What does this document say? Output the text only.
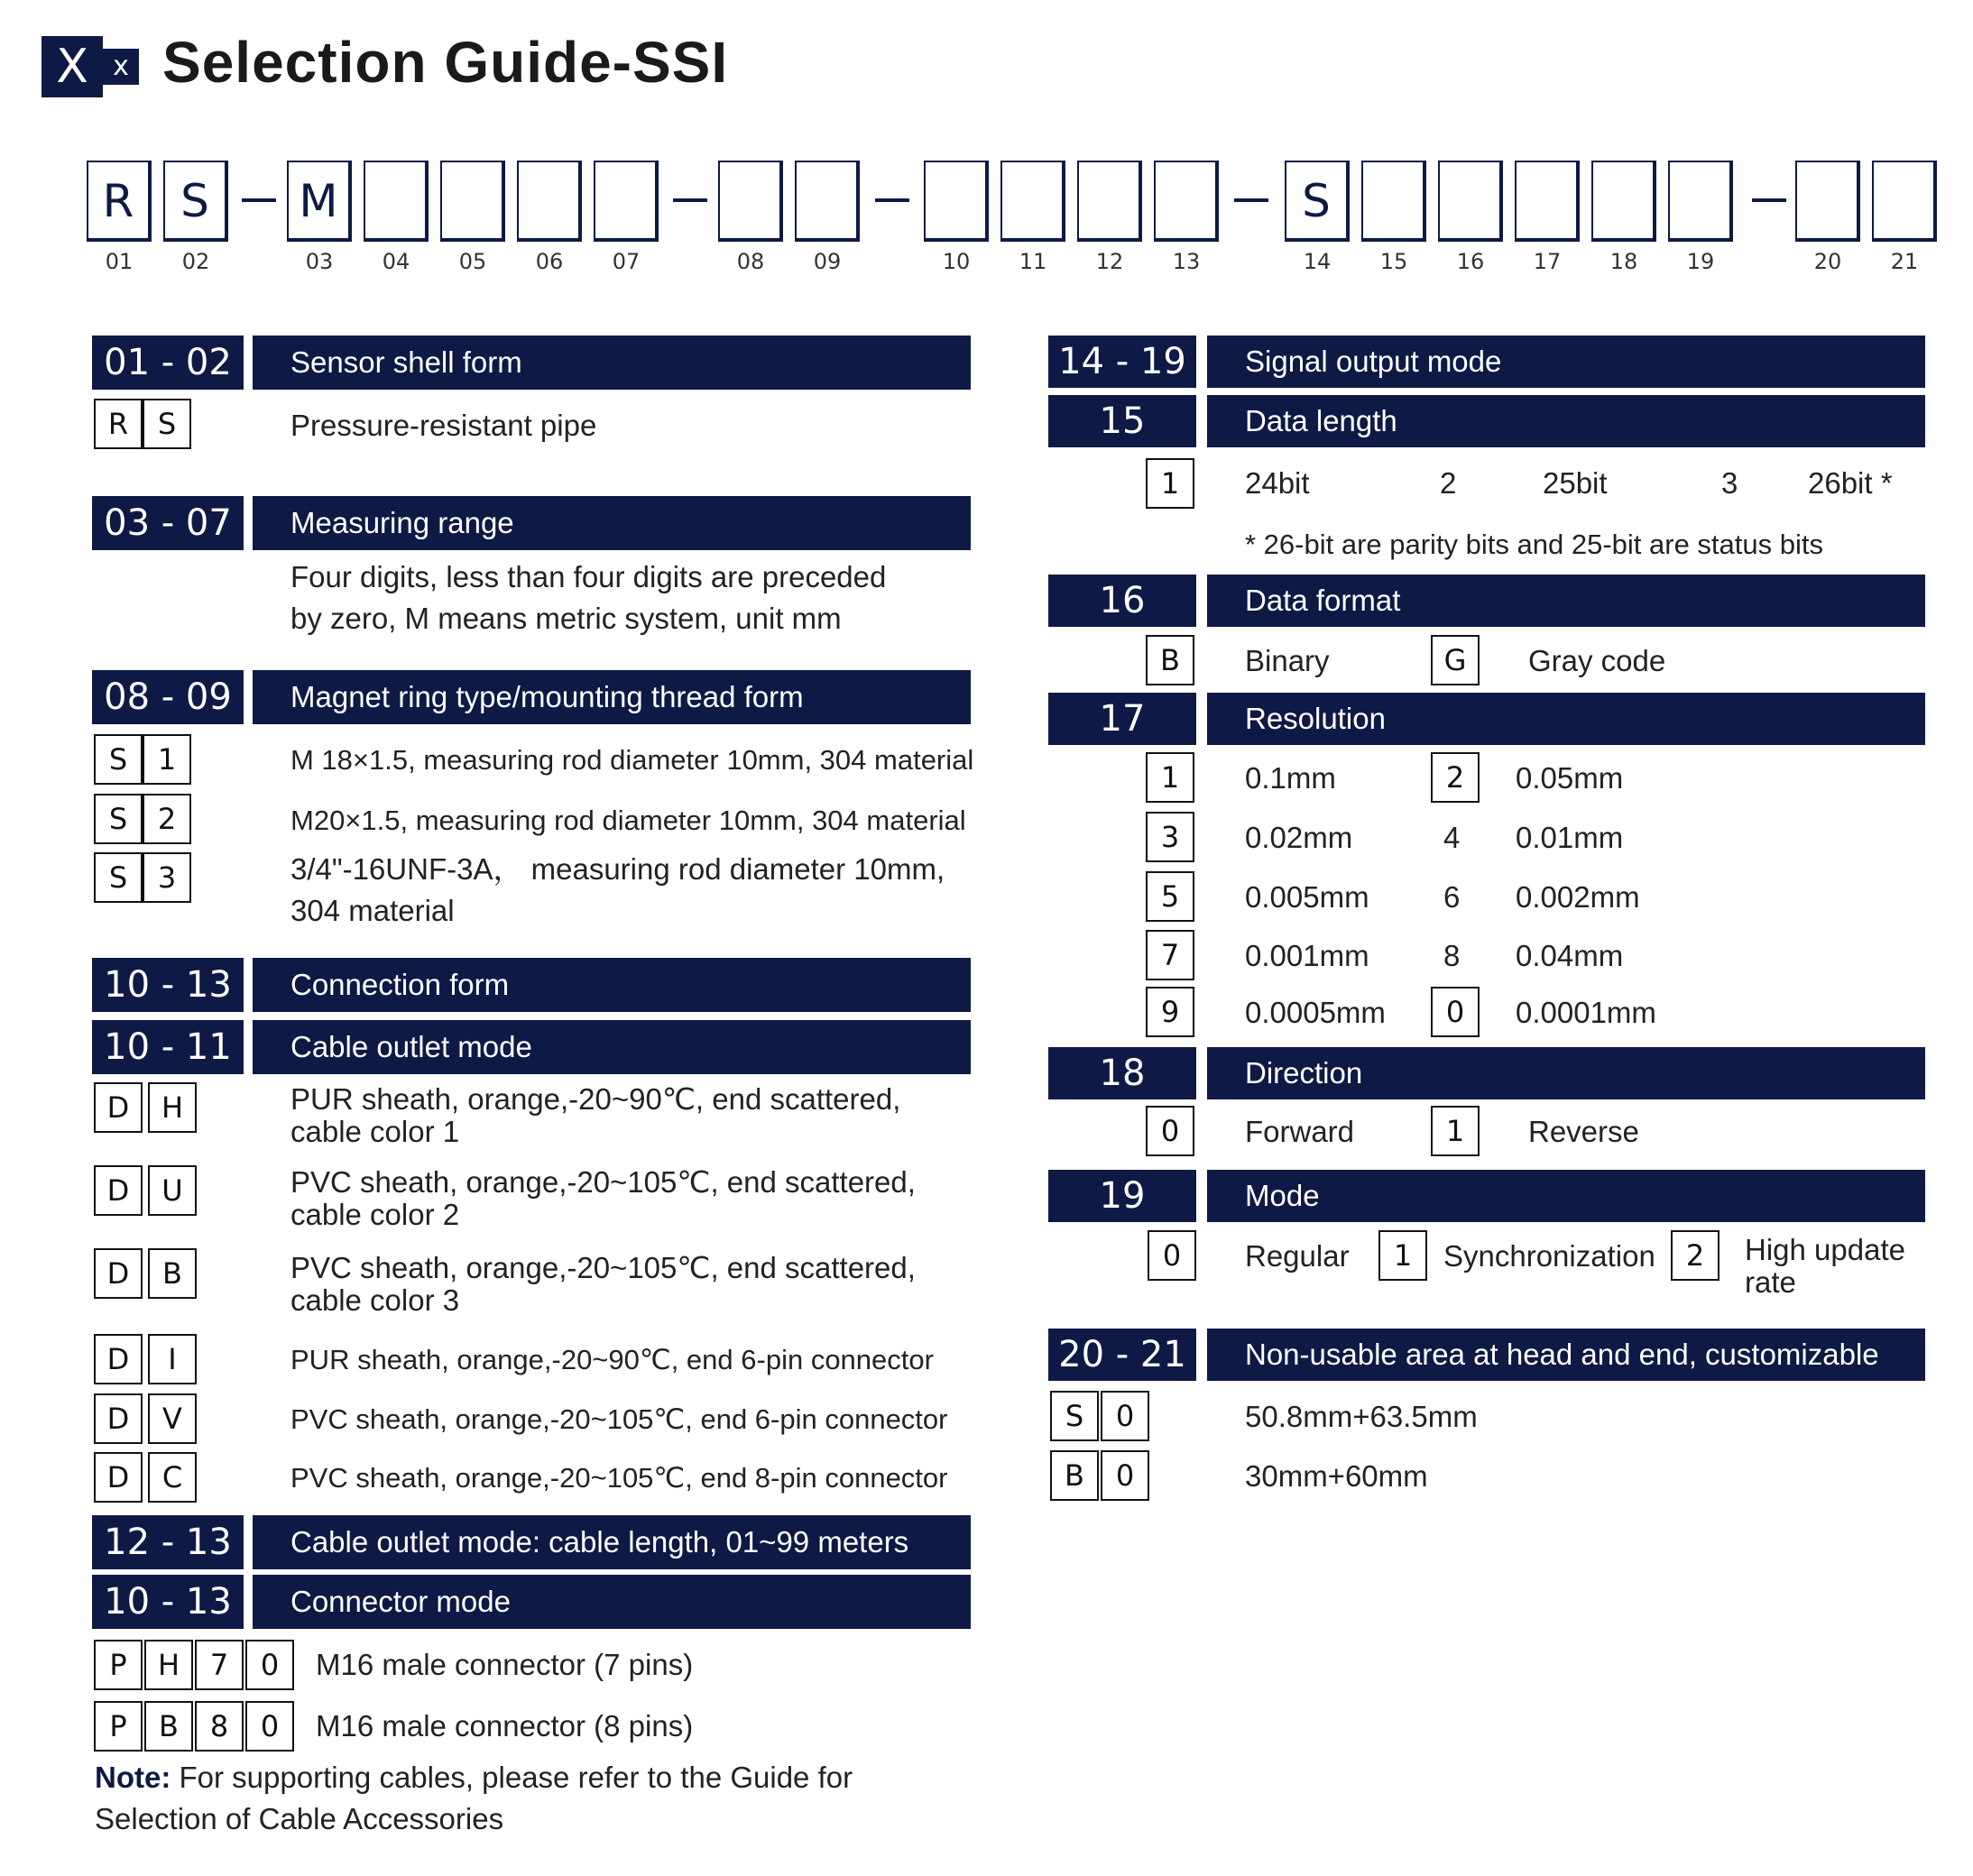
X x Selection Guide-SSI
R	S	M	S
01	02	03	04	05	06	07	08	09	10	11	12	13	14	15	16	17	18	19	20	21
01 - 02	Sensor shell form
R	S	Pressure-resistant pipe
03 - 07	Measuring range
Four digits, less than four digits are preceded
by zero, M means metric system, unit mm
08 - 09	Magnet ring type/mounting thread form
S	1	M 18×1.5, measuring rod diameter 10mm, 304 material
S	2	M20×1.5, measuring rod diameter 10mm, 304 material
S	3	3/4"-16UNF-3A， measuring rod diameter 10mm,
304 material
10 - 13	Connection form
10 - 11	Cable outlet mode
D	H	PUR sheath, orange,-20~90℃, end scattered,
cable color 1
D	U	PVC sheath, orange,-20~105℃, end scattered,
cable color 2
D	B	PVC sheath, orange,-20~105℃, end scattered,
cable color 3
D	I	PUR sheath, orange,-20~90℃, end 6-pin connector
D	V	PVC sheath, orange,-20~105℃, end 6-pin connector
D	C	PVC sheath, orange,-20~105℃, end 8-pin connector
12 - 13	Cable outlet mode: cable length, 01~99 meters
10 - 13	Connector mode
P	H	7	0	M16 male connector (7 pins)
P	B	8	0	M16 male connector (8 pins)
Note: For supporting cables, please refer to the Guide for
Selection of Cable Accessories
14 - 19	Signal output mode
15	Data length
1	24bit	2	25bit	3 26bit *
* 26-bit are parity bits and 25-bit are status bits
16	Data format
B	Binary	G	Gray code
17	Resolution
1	0.1mm	2	0.05mm
3	0.02mm	4 0.01mm
5	0.005mm 6 0.002mm
7	0.001mm 8 0.04mm
9	0.0005mm	0	0.0001mm
18	Direction
0	Forward	1	Reverse
19	Mode
0	Regular	1	Synchronization	2	High update
rate
20 - 21	Non-usable area at head and end, customizable
S	0	50.8mm+63.5mm
B	0	30mm+60mm
